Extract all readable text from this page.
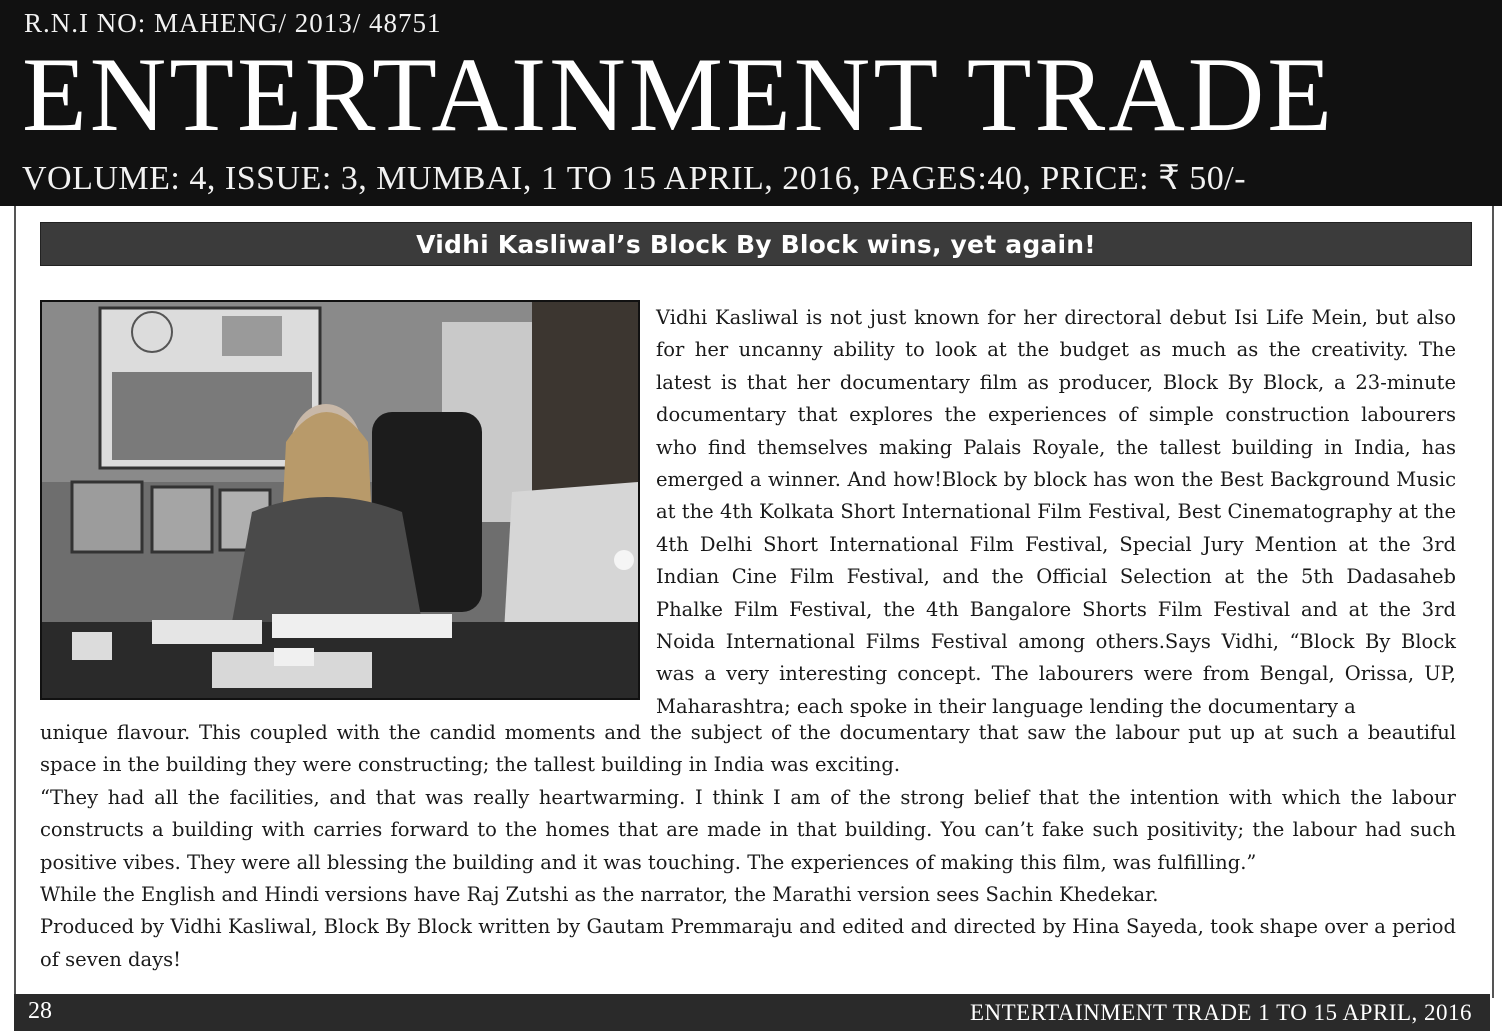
R.N.I NO: MAHENG/ 2013/ 48751
ENTERTAINMENT TRADE
VOLUME: 4, ISSUE: 3, MUMBAI, 1 TO 15 APRIL, 2016, PAGES:40, PRICE: ₹ 50/-
Vidhi Kasliwal’s Block By Block wins, yet again!

Vidhi Kasliwal is not just known for her directoral debut Isi Life Mein, but also for her uncanny ability to look at the budget as much as the creativity. The latest is that her documentary film as producer, Block By Block, a 23-minute documentary that explores the experiences of simple construction labourers who find themselves making Palais Royale, the tallest building in India, has emerged a winner. And how!Block by block has won the Best Background Music at the 4th Kolkata Short International Film Festival, Best Cinematography at the 4th Delhi Short International Film Festival, Special Jury Mention at the 3rd Indian Cine Film Festival, and the Official Selection at the 5th Dadasaheb Phalke Film Festival, the 4th Bangalore Shorts Film Festival and at the 3rd Noida International Films Festival among others.Says Vidhi, “Block By Block was a very interesting concept. The labourers were from Bengal, Orissa, UP, Maharashtra; each spoke in their language lending the documentary a

unique flavour. This coupled with the candid moments and the subject of the documentary that saw the labour put up at such a beautiful space in the building they were constructing; the tallest building in India was exciting.

“They had all the facilities, and that was really heartwarming. I think I am of the strong belief that the intention with which the labour constructs a building with carries forward to the homes that are made in that building. You can’t fake such positivity; the labour had such positive vibes. They were all blessing the building and it was touching. The experiences of making this film, was fulfilling.”

While the English and Hindi versions have Raj Zutshi as the narrator, the Marathi version sees Sachin Khedekar.

Produced by Vidhi Kasliwal, Block By Block written by Gautam Premmaraju and edited and directed by Hina Sayeda, took shape over a period of seven days!

28	ENTERTAINMENT TRADE 1 TO 15 APRIL, 2016
